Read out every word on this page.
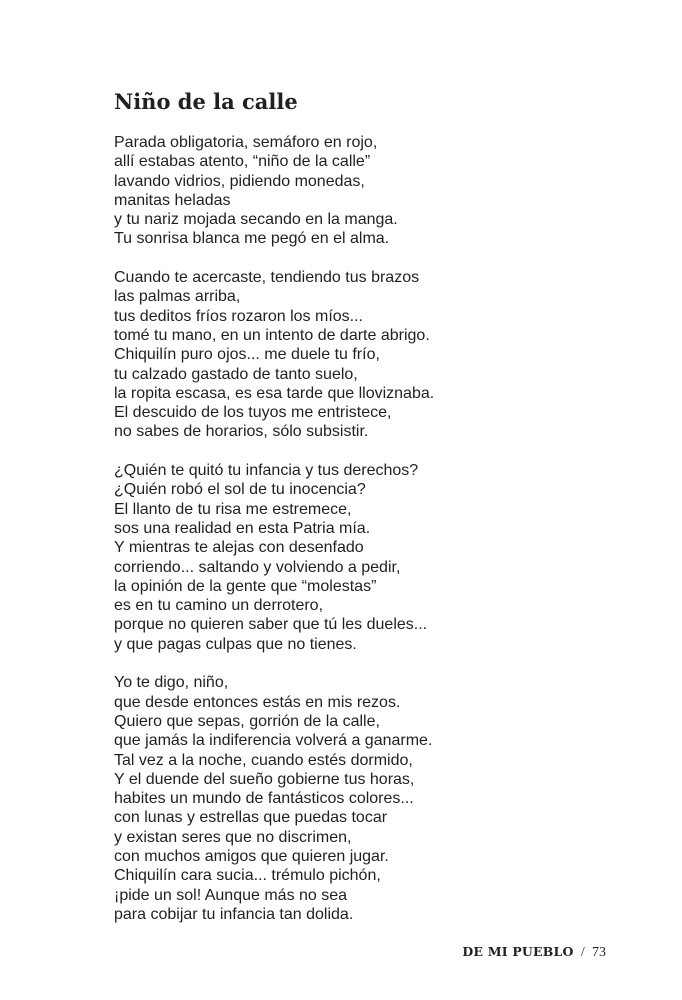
Niño de la calle
Parada obligatoria, semáforo en rojo,
allí estabas atento, “niño de la calle”
lavando vidrios, pidiendo monedas,
manitas heladas
y tu nariz mojada secando en la manga.
Tu sonrisa blanca me pegó en el alma.
Cuando te acercaste, tendiendo tus brazos
las palmas arriba,
tus deditos fríos rozaron los míos...
tomé tu mano, en un intento de darte abrigo.
Chiquilín puro ojos... me duele tu frío,
tu calzado gastado de tanto suelo,
la ropita escasa, es esa tarde que lloviznaba.
El descuido de los tuyos me entristece,
no sabes de horarios, sólo subsistir.
¿Quién te quitó tu infancia y tus derechos?
¿Quién robó el sol de tu inocencia?
El llanto de tu risa me estremece,
sos una realidad en esta Patria mía.
Y mientras te alejas con desenfado
corriendo... saltando y volviendo a pedir,
la opinión de la gente que “molestas”
es en tu camino un derrotero,
porque no quieren saber que tú les dueles...
y que pagas culpas que no tienes.
Yo te digo, niño,
que desde entonces estás en mis rezos.
Quiero que sepas, gorrión de la calle,
que jamás la indiferencia volverá a ganarme.
Tal vez a la noche, cuando estés dormido,
Y el duende del sueño gobierne tus horas,
habites un mundo de fantásticos colores...
con lunas y estrellas que puedas tocar
y existan seres que no discrimen,
con muchos amigos que quieren jugar.
Chiquilín cara sucia... trémulo pichón,
¡pide un sol! Aunque más no sea
para cobijar tu infancia tan dolida.
DE MI PUEBLO / 73
